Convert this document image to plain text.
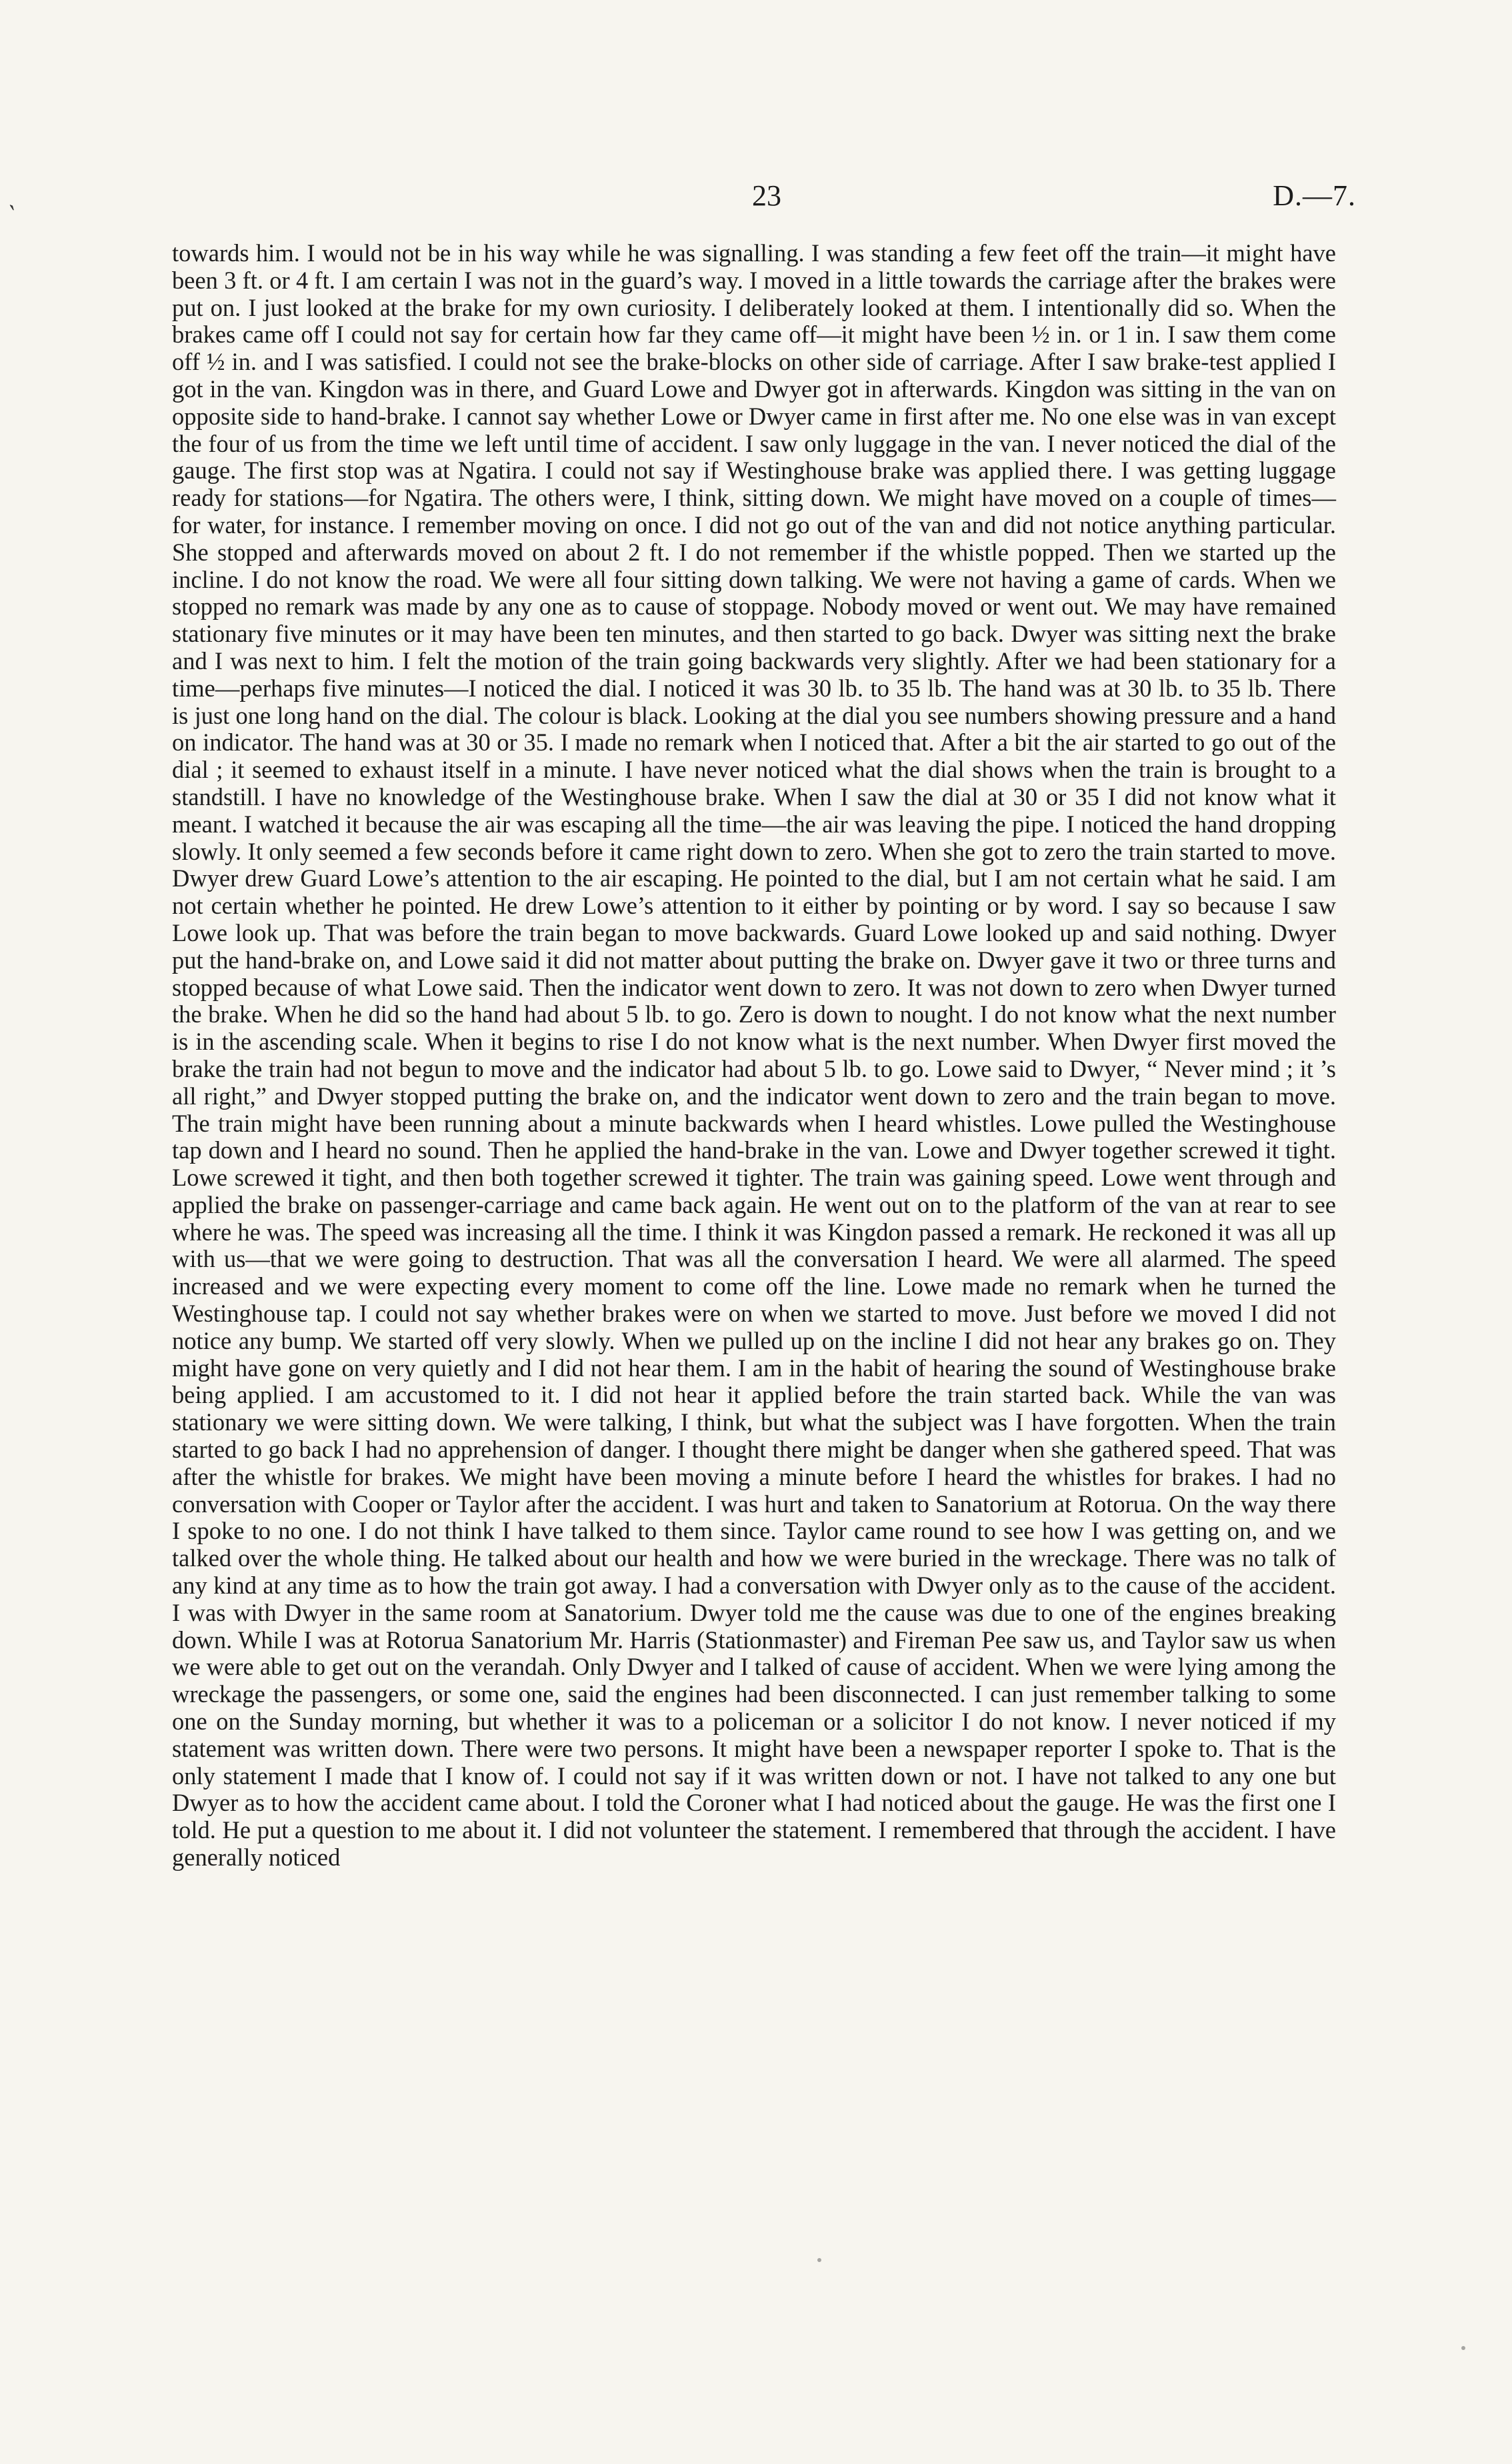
ˎ	23	D.—7.

towards him. I would not be in his way while he was signalling. I was standing a few feet off the train—it might have been 3 ft. or 4 ft. I am certain I was not in the guard’s way. I moved in a little towards the carriage after the brakes were put on. I just looked at the brake for my own curiosity. I deliberately looked at them. I intentionally did so. When the brakes came off I could not say for certain how far they came off—it might have been ½ in. or 1 in. I saw them come off ½ in. and I was satisfied. I could not see the brake-blocks on other side of carriage. After I saw brake-test applied I got in the van. Kingdon was in there, and Guard Lowe and Dwyer got in afterwards. Kingdon was sitting in the van on opposite side to hand-brake. I cannot say whether Lowe or Dwyer came in first after me. No one else was in van except the four of us from the time we left until time of accident. I saw only luggage in the van. I never noticed the dial of the gauge. The first stop was at Ngatira. I could not say if Westinghouse brake was applied there. I was getting luggage ready for stations—for Ngatira. The others were, I think, sitting down. We might have moved on a couple of times—for water, for instance. I remember moving on once. I did not go out of the van and did not notice anything particular. She stopped and afterwards moved on about 2 ft. I do not remember if the whistle popped. Then we started up the incline. I do not know the road. We were all four sitting down talking. We were not having a game of cards. When we stopped no remark was made by any one as to cause of stoppage. Nobody moved or went out. We may have remained stationary five minutes or it may have been ten minutes, and then started to go back. Dwyer was sitting next the brake and I was next to him. I felt the motion of the train going backwards very slightly. After we had been stationary for a time—perhaps five minutes—I noticed the dial. I noticed it was 30 lb. to 35 lb. The hand was at 30 lb. to 35 lb. There is just one long hand on the dial. The colour is black. Looking at the dial you see numbers showing pressure and a hand on indicator. The hand was at 30 or 35. I made no remark when I noticed that. After a bit the air started to go out of the dial ; it seemed to exhaust itself in a minute. I have never noticed what the dial shows when the train is brought to a standstill. I have no knowledge of the Westinghouse brake. When I saw the dial at 30 or 35 I did not know what it meant. I watched it because the air was escaping all the time—the air was leaving the pipe. I noticed the hand dropping slowly. It only seemed a few seconds before it came right down to zero. When she got to zero the train started to move. Dwyer drew Guard Lowe’s attention to the air escaping. He pointed to the dial, but I am not certain what he said. I am not certain whether he pointed. He drew Lowe’s attention to it either by pointing or by word. I say so because I saw Lowe look up. That was before the train began to move backwards. Guard Lowe looked up and said nothing. Dwyer put the hand-brake on, and Lowe said it did not matter about putting the brake on. Dwyer gave it two or three turns and stopped because of what Lowe said. Then the indicator went down to zero. It was not down to zero when Dwyer turned the brake. When he did so the hand had about 5 lb. to go. Zero is down to nought. I do not know what the next number is in the ascending scale. When it begins to rise I do not know what is the next number. When Dwyer first moved the brake the train had not begun to move and the indicator had about 5 lb. to go. Lowe said to Dwyer, “ Never mind ; it ’s all right,” and Dwyer stopped putting the brake on, and the indicator went down to zero and the train began to move. The train might have been running about a minute backwards when I heard whistles. Lowe pulled the Westinghouse tap down and I heard no sound. Then he applied the hand-brake in the van. Lowe and Dwyer together screwed it tight. Lowe screwed it tight, and then both together screwed it tighter. The train was gaining speed. Lowe went through and applied the brake on passenger-carriage and came back again. He went out on to the platform of the van at rear to see where he was. The speed was increasing all the time. I think it was Kingdon passed a remark. He reckoned it was all up with us—that we were going to destruction. That was all the conversation I heard. We were all alarmed. The speed increased and we were expecting every moment to come off the line. Lowe made no remark when he turned the Westinghouse tap. I could not say whether brakes were on when we started to move. Just before we moved I did not notice any bump. We started off very slowly. When we pulled up on the incline I did not hear any brakes go on. They might have gone on very quietly and I did not hear them. I am in the habit of hearing the sound of Westinghouse brake being applied. I am accustomed to it. I did not hear it applied before the train started back. While the van was stationary we were sitting down. We were talking, I think, but what the subject was I have forgotten. When the train started to go back I had no apprehension of danger. I thought there might be danger when she gathered speed. That was after the whistle for brakes. We might have been moving a minute before I heard the whistles for brakes. I had no conversation with Cooper or Taylor after the accident. I was hurt and taken to Sanatorium at Rotorua. On the way there I spoke to no one. I do not think I have talked to them since. Taylor came round to see how I was getting on, and we talked over the whole thing. He talked about our health and how we were buried in the wreckage. There was no talk of any kind at any time as to how the train got away. I had a conversation with Dwyer only as to the cause of the accident. I was with Dwyer in the same room at Sanatorium. Dwyer told me the cause was due to one of the engines breaking down. While I was at Rotorua Sanatorium Mr. Harris (Stationmaster) and Fireman Pee saw us, and Taylor saw us when we were able to get out on the verandah. Only Dwyer and I talked of cause of accident. When we were lying among the wreckage the passengers, or some one, said the engines had been disconnected. I can just remember talking to some one on the Sunday morning, but whether it was to a policeman or a solicitor I do not know. I never noticed if my statement was written down. There were two persons. It might have been a newspaper reporter I spoke to. That is the only statement I made that I know of. I could not say if it was written down or not. I have not talked to any one but Dwyer as to how the accident came about. I told the Coroner what I had noticed about the gauge. He was the first one I told. He put a question to me about it. I did not volunteer the statement. I remembered that through the accident. I have generally noticed
